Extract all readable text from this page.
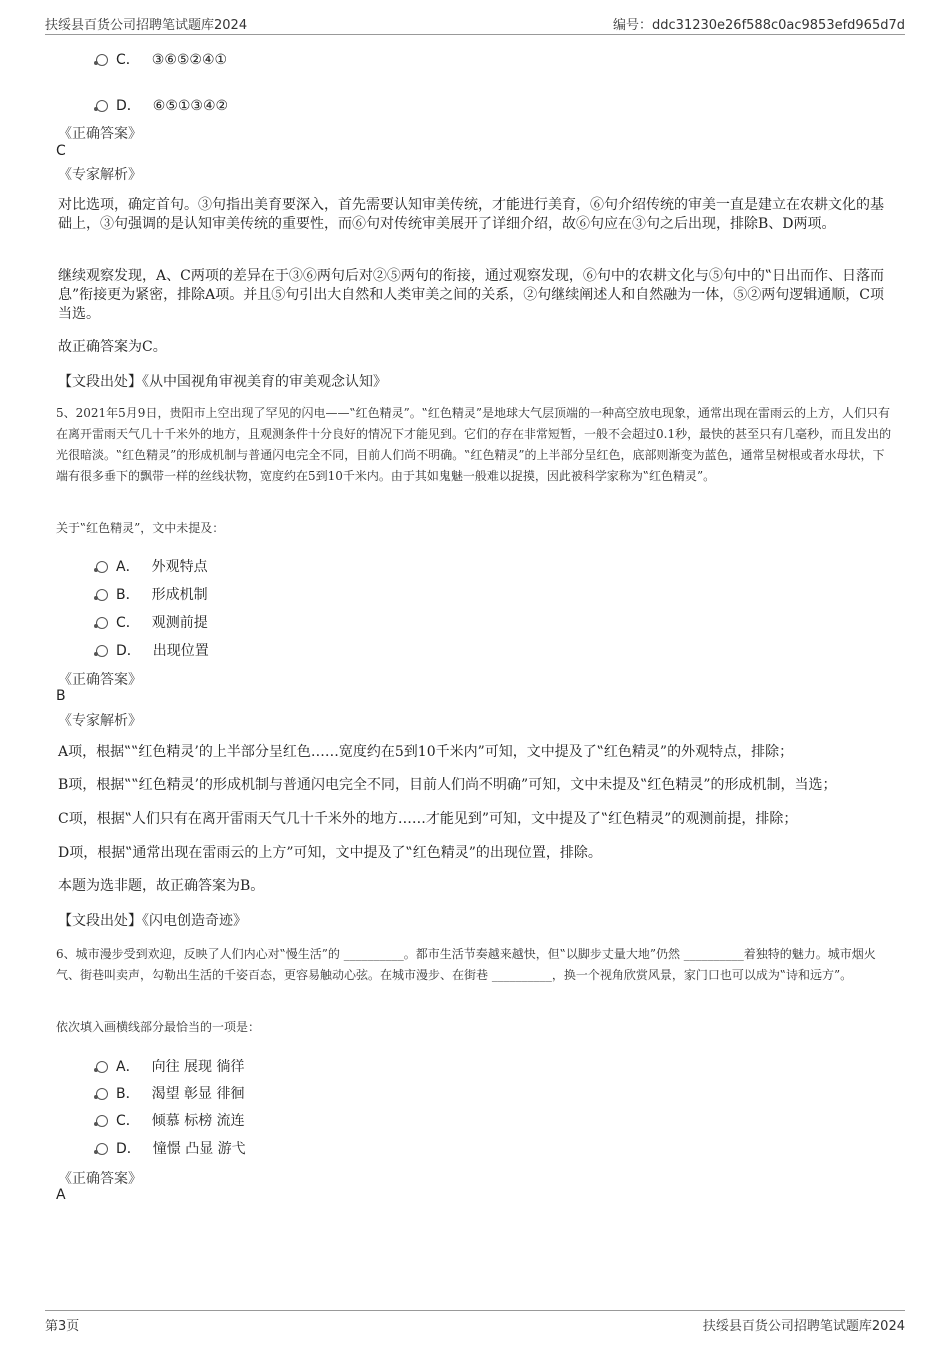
扶绥县百货公司招聘笔试题库2024	编号：ddc31230e26f588c0ac9853efd965d7d
C． ③⑥⑤②④①
D． ⑥⑤①③④②
《正确答案》
C
《专家解析》
对比选项，确定首句。③句指出美育要深入，首先需要认知审美传统，才能进行美育，⑥句介绍传统的审美一直是建立在农耕文化的基础上，③句强调的是认知审美传统的重要性，而⑥句对传统审美展开了详细介绍，故⑥句应在③句之后出现，排除B、D两项。
继续观察发现，A、C两项的差异在于③⑥两句后对②⑤两句的衔接，通过观察发现，⑥句中的农耕文化与⑤句中的‟日出而作、日落而息”衔接更为紧密，排除A项。并且⑤句引出大自然和人类审美之间的关系，②句继续阐述人和自然融为一体，⑤②两句逻辑通顺，C项当选。
故正确答案为C。
【文段出处】《从中国视角审视美育的审美观念认知》
5、2021年5月9日，贵阳市上空出现了罕见的闪电——‟红色精灵”。‟红色精灵”是地球大气层顶端的一种高空放电现象，通常出现在雷雨云的上方，人们只有在离开雷雨天气几十千米外的地方，且观测条件十分良好的情况下才能见到。它们的存在非常短暂，一般不会超过0.1秒，最快的甚至只有几毫秒，而且发出的光很暗淡。‟红色精灵”的形成机制与普通闪电完全不同，目前人们尚不明确。‟红色精灵”的上半部分呈红色，底部则渐变为蓝色，通常呈树根或者水母状，下端有很多垂下的飘带一样的丝线状物，宽度约在5到10千米内。由于其如鬼魅一般难以捉摸，因此被科学家称为‟红色精灵”。
关于‟红色精灵”，文中未提及：
A． 外观特点
B． 形成机制
C． 观测前提
D． 出现位置
《正确答案》
B
《专家解析》
A项，根据‟‟红色精灵’的上半部分呈红色……宽度约在5到10千米内”可知，文中提及了‟红色精灵”的外观特点，排除；
B项，根据‟‟红色精灵’的形成机制与普通闪电完全不同，目前人们尚不明确”可知，文中未提及‟红色精灵”的形成机制，当选；
C项，根据‟人们只有在离开雷雨天气几十千米外的地方……才能见到”可知，文中提及了‟红色精灵”的观测前提，排除；
D项，根据‟通常出现在雷雨云的上方”可知，文中提及了‟红色精灵”的出现位置，排除。
本题为选非题，故正确答案为B。
【文段出处】《闪电创造奇迹》
6、城市漫步受到欢迎，反映了人们内心对‟慢生活”的 __________。都市生活节奏越来越快，但‟以脚步丈量大地”仍然 __________着独特的魅力。城市烟火气、街巷叫卖声，勾勒出生活的千姿百态，更容易触动心弦。在城市漫步、在街巷 __________，换一个视角欣赏风景，家门口也可以成为‟诗和远方”。
依次填入画横线部分最恰当的一项是：
A． 向往 展现 徜徉
B． 渴望 彰显 徘徊
C． 倾慕 标榜 流连
D． 憧憬 凸显 游弋
《正确答案》
A
第3页	扶绥县百货公司招聘笔试题库2024
